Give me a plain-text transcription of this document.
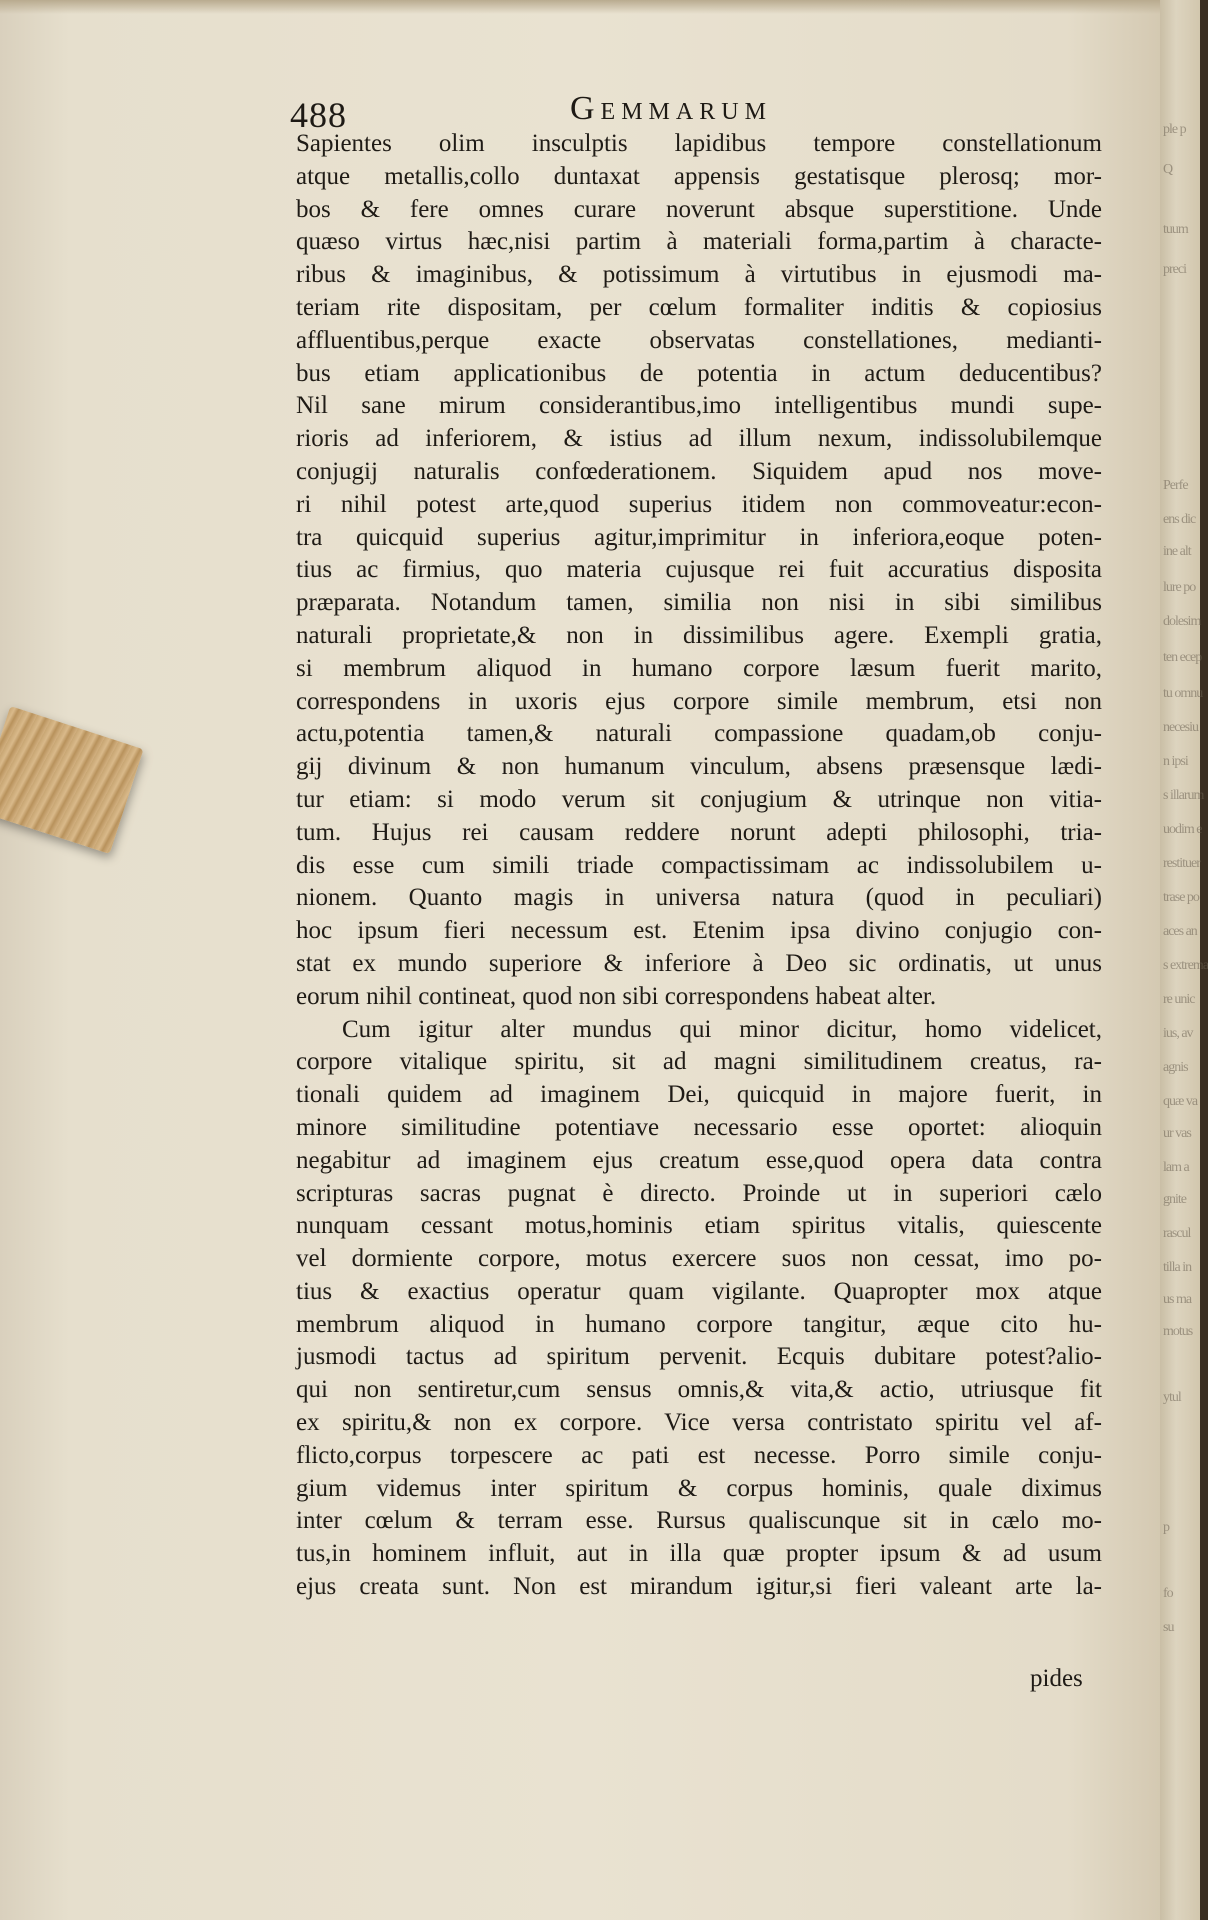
488	Gemmarum
Sapientes olim insculptis lapidibus tempore constellationum
atque metallis,collo duntaxat appensis gestatisque plerosq; mor-
bos & fere omnes curare noverunt absque superstitione. Unde
quæso virtus hæc,nisi partim à materiali forma,partim à characte-
ribus & imaginibus, & potissimum à virtutibus in ejusmodi ma-
teriam rite dispositam, per cœlum formaliter inditis & copiosius
affluentibus,perque exacte observatas constellationes, medianti-
bus etiam applicationibus de potentia in actum deducentibus?
Nil sane mirum considerantibus,imo intelligentibus mundi supe-
rioris ad inferiorem, & istius ad illum nexum, indissolubilemque
conjugij naturalis confœderationem. Siquidem apud nos move-
ri nihil potest arte,quod superius itidem non commoveatur:econ-
tra quicquid superius agitur,imprimitur in inferiora,eoque poten-
tius ac firmius, quo materia cujusque rei fuit accuratius disposita
præparata. Notandum tamen, similia non nisi in sibi similibus
naturali proprietate,& non in dissimilibus agere. Exempli gratia,
si membrum aliquod in humano corpore læsum fuerit marito,
correspondens in uxoris ejus corpore simile membrum, etsi non
actu,potentia tamen,& naturali compassione quadam,ob conju-
gij divinum & non humanum vinculum, absens præsensque lædi-
tur etiam: si modo verum sit conjugium & utrinque non vitia-
tum. Hujus rei causam reddere norunt adepti philosophi, tria-
dis esse cum simili triade compactissimam ac indissolubilem u-
nionem. Quanto magis in universa natura (quod in peculiari)
hoc ipsum fieri necessum est. Etenim ipsa divino conjugio con-
stat ex mundo superiore & inferiore à Deo sic ordinatis, ut unus
eorum nihil contineat, quod non sibi correspondens habeat alter.
Cum igitur alter mundus qui minor dicitur, homo videlicet,
corpore vitalique spiritu, sit ad magni similitudinem creatus, ra-
tionali quidem ad imaginem Dei, quicquid in majore fuerit, in
minore similitudine potentiave necessario esse oportet: alioquin
negabitur ad imaginem ejus creatum esse,quod opera data contra
scripturas sacras pugnat è directo. Proinde ut in superiori cælo
nunquam cessant motus,hominis etiam spiritus vitalis, quiescente
vel dormiente corpore, motus exercere suos non cessat, imo po-
tius & exactius operatur quam vigilante. Quapropter mox atque
membrum aliquod in humano corpore tangitur, æque cito hu-
jusmodi tactus ad spiritum pervenit. Ecquis dubitare potest?alio-
qui non sentiretur,cum sensus omnis,& vita,& actio, utriusque fit
ex spiritu,& non ex corpore. Vice versa contristato spiritu vel af-
flicto,corpus torpescere ac pati est necesse. Porro simile conju-
gium videmus inter spiritum & corpus hominis, quale diximus
inter cœlum & terram esse. Rursus qualiscunque sit in cælo mo-
tus,in hominem influit, aut in illa quæ propter ipsum & ad usum
ejus creata sunt. Non est mirandum igitur,si fieri valeant arte la-
pides
ple p
Q
tuum
preci
Perfe
ens dic
ine alt
lure po
dolesim
ten ecep
tu omnu
necesiu
n ipsi
s illarum
uodim e
restituer
trase po
aces an
s extrema
re unic
ius, av
agnis
quæ va
ur vas
lam a
gnite
rascul
tilla in
us ma
motus
ytul
p
fo
su
